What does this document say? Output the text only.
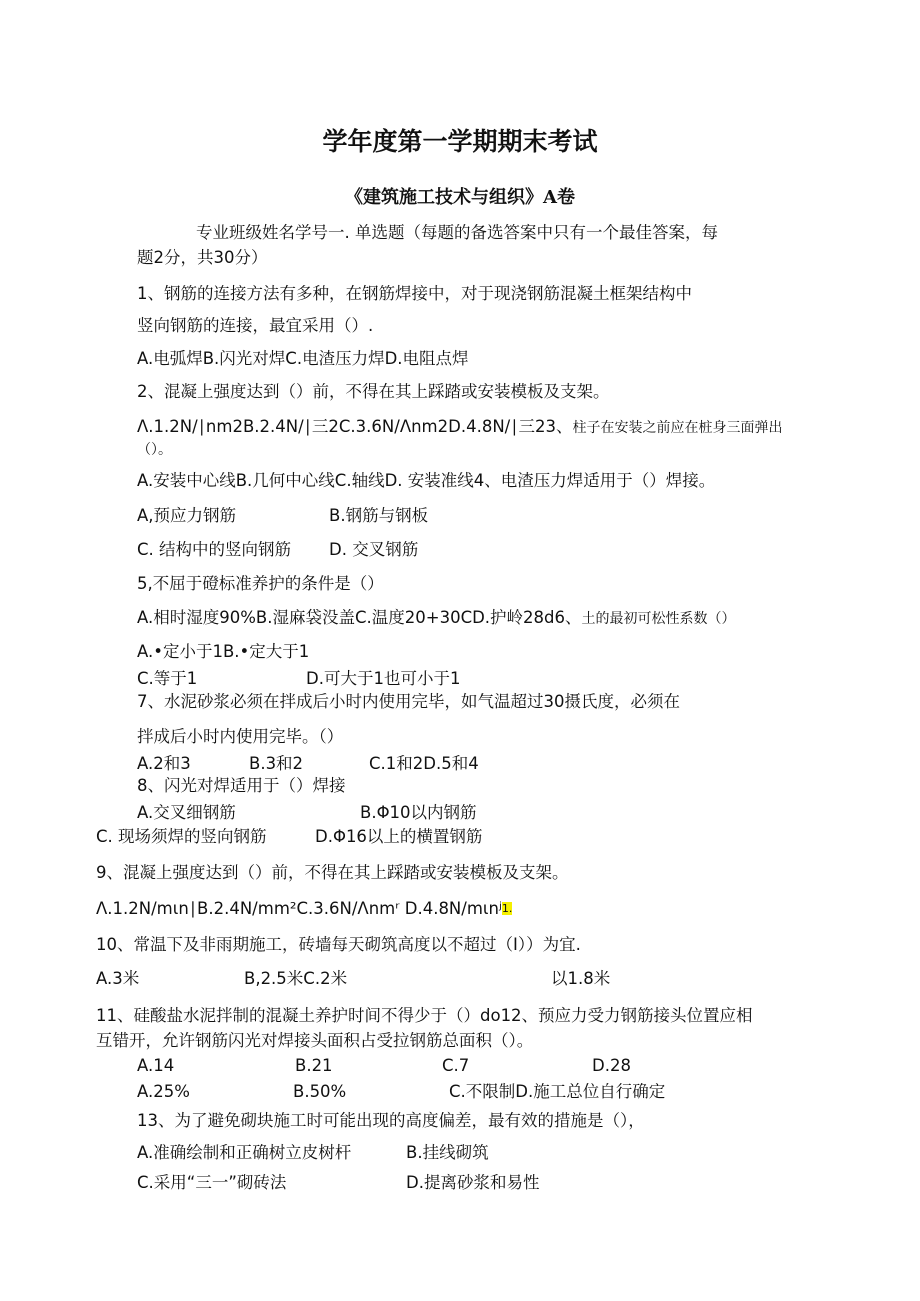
学年度第一学期期末考试
《建筑施工技术与组织》A卷
专业班级姓名学号一. 单选题（每题的备选答案中只有一个最佳答案，每
题2分，共30分）
1、钢筋的连接方法有多种，在钢筋焊接中，对于现浇钢筋混凝土框架结构中
竖向钢筋的连接，最宜采用（）.
A.电弧焊B.闪光对焊C.电渣压力焊D.电阻点焊
2、混凝上强度达到（）前，不得在其上踩踏或安装模板及支架。
Λ.1.2N/∣nm2B.2.4N/∣三2C.3.6N/Λnm2D.4.8N/∣三23、柱子在安装之前应在桩身三面弹出
（）。
A.安装中心线B.几何中心线C.轴线D. 安装准线4、电渣压力焊适用于（）焊接。
A,预应力钢筋	B.钢筋与钢板
C. 结构中的竖向钢筋 D. 交叉钢筋
5,不屈于磴标准养护的条件是（）
A.相时湿度90%B.湿麻袋没盖C.温度20+30CD.护岭28d6、土的最初可松性系数（）
A.•定小于1B.•定大于1
C.等于1	D.可大于1也可小于1
7、水泥砂浆必须在拌成后小时内使用完毕，如气温超过30摄氏度，必须在
拌成后小时内使用完毕。（）
A.2和3	B.3和2	C.1和2D.5和4
8、闪光对焊适用于（）焊接
A.交叉细钢筋	B.Φ10以内钢筋
C. 现场须焊的竖向钢筋	D.Φ16以上的横置钢筋
9、混凝上强度达到（）前，不得在其上踩踏或安装模板及支架。
Λ.1.2N/mιn∣B.2.4N/mm²C.3.6N/Λnmʳ D.4.8N/mιnʲ$^{1.}$
10、常温下及非雨期施工，砖墙每天砌筑高度以不超过（I））为宜.
A.3米	B,2.5米C.2米	以1.8米
11、硅酸盐水泥拌制的混凝土养护时间不得少于（）do12、预应力受力钢筋接头位置应相
互错开，允许钢筋闪光对焊接头面积占受拉钢筋总面积（）。
A.14	B.21	C.7	D.28
A.25%	B.50%	C.不限制D.施工总位自行确定
13、为了避免砌块施工时可能出现的高度偏差，最有效的措施是（），
A.准确绘制和正确树立皮树杆	B.挂线砌筑
C.采用“三一”砌砖法	D.提离砂浆和易性
